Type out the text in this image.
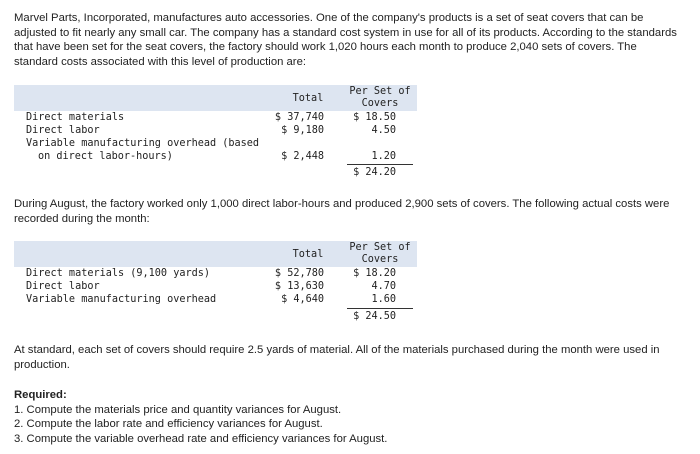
Marvel Parts, Incorporated, manufactures auto accessories. One of the company's products is a set of seat covers that can be adjusted to fit nearly any small car. The company has a standard cost system in use for all of its products. According to the standards that have been set for the seat covers, the factory should work 1,020 hours each month to produce 2,040 sets of covers. The standard costs associated with this level of production are:

Total
Per Set of
Covers
Direct materials	$ 37,740	$ 18.50
Direct labor	$ 9,180	4.50
Variable manufacturing overhead (based
on direct labor-hours)	$ 2,448	1.20
$ 24.20

During August, the factory worked only 1,000 direct labor-hours and produced 2,900 sets of covers. The following actual costs were recorded during the month:

Total
Per Set of
Covers
Direct materials (9,100 yards)	$ 52,780	$ 18.20
Direct labor	$ 13,630	4.70
Variable manufacturing overhead	$ 4,640	1.60
$ 24.50

At standard, each set of covers should require 2.5 yards of material. All of the materials purchased during the month were used in production.

Required:
1. Compute the materials price and quantity variances for August.
2. Compute the labor rate and efficiency variances for August.
3. Compute the variable overhead rate and efficiency variances for August.
